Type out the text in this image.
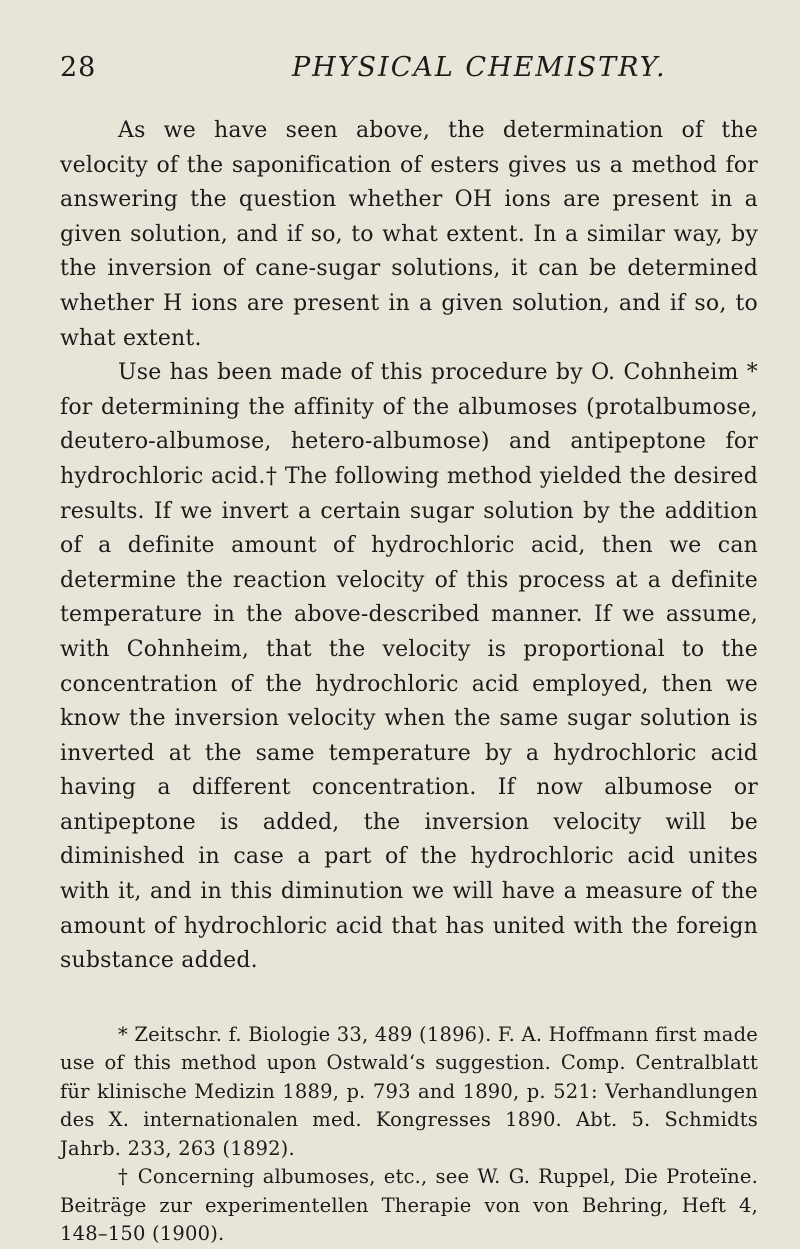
28	PHYSICAL CHEMISTRY.

As we have seen above, the determination of the velocity of the saponification of esters gives us a method for answering the question whether OH ions are present in a given solution, and if so, to what extent. In a similar way, by the inversion of cane-sugar solutions, it can be determined whether H ions are present in a given solution, and if so, to what extent.

Use has been made of this procedure by O. Cohnheim * for determining the affinity of the albumoses (protalbumose, deutero-albumose, hetero-albumose) and antipeptone for hydrochloric acid.† The following method yielded the desired results. If we invert a certain sugar solution by the addition of a definite amount of hydrochloric acid, then we can determine the reaction velocity of this process at a definite temperature in the above-described manner. If we assume, with Cohnheim, that the velocity is proportional to the concentration of the hydrochloric acid employed, then we know the inversion velocity when the same sugar solution is inverted at the same temperature by a hydrochloric acid having a different concentration. If now albumose or antipeptone is added, the inversion velocity will be diminished in case a part of the hydrochloric acid unites with it, and in this diminution we will have a measure of the amount of hydrochloric acid that has united with the foreign substance added.

* Zeitschr. f. Biologie 33, 489 (1896). F. A. Hoffmann first made use of this method upon Ostwald‘s suggestion. Comp. Centralblatt für klinische Medizin 1889, p. 793 and 1890, p. 521: Verhandlungen des X. internationalen med. Kongresses 1890. Abt. 5. Schmidts Jahrb. 233, 263 (1892).

† Concerning albumoses, etc., see W. G. Ruppel, Die Proteïne. Beiträge zur experimentellen Therapie von von Behring, Heft 4, 148–150 (1900).
